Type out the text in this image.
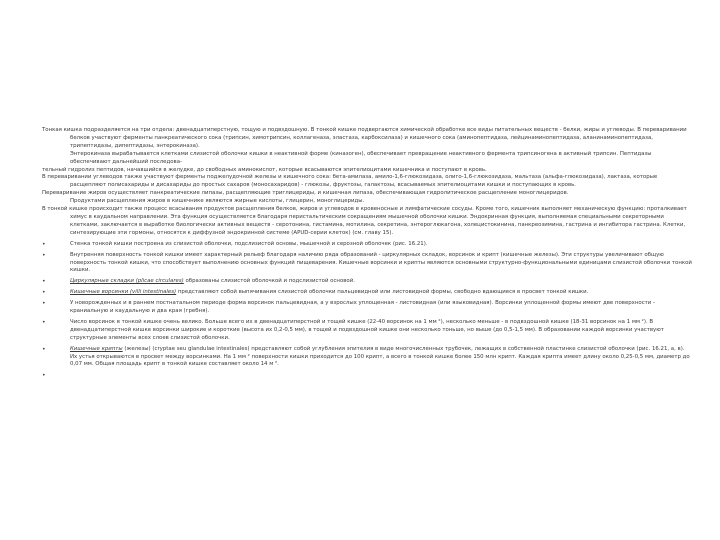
Тонкая кишка подразделяется на три отдела: двенадцатиперстную, тощую и подвздошную. В тонкой кишке подвергаются химической обработке все виды питательных веществ - белки, жиры и углеводы. В переваривании белков участвуют ферменты панкреатического сока (трипсин, химотрипсин, коллагеназа, эластаза, карбоксилаза) и кишечного сока (аминопептидаза, лейцинаминопептидаза, аланинаминопептидаза, трипептидазы, дипептидазы, энтерокиназа).

Энтерокиназа вырабатывается клетками слизистой оболочки кишки в неактивной форме (киназоген), обеспечивает превращение неактивного фермента трипсиногена в активный трипсин. Пептидазы обеспечивают дальнейший последова-

тельный гидролиз пептидов, начавшийся в желудке, до свободных аминокислот, которые всасываются эпителиоцитами кишечника и поступают в кровь.

В переваривании углеводов также участвуют ферменты поджелудочной железы и кишечного сока: бета-амилаза, амило-1,6-глюкозидаза, олиго-1,6-глюкозидаза, мальтаза (альфа-глюкозидаза), лактаза, которые расщепляют полисахариды и дисахариды до простых сахаров (моносахаридов) - глюкозы, фруктозы, галактозы, всасываемых эпителиоцитами кишки и поступающих в кровь.

Переваривание жиров осуществляет панкреатические липазы, расщепляющие триглицериды, и кишечная липаза, обеспечивающая гидролитическое расщепление моноглицеридов.

Продуктами расщепления жиров в кишечнике являются жирные кислоты, глицерин, моноглицериды.

В тонкой кишке происходит также процесс всасывания продуктов расщепления белков, жиров и углеводов в кровеносные и лимфатические сосуды. Кроме того, кишечник выполняет механическую функцию: проталкивает химус в каудальном направлении. Эта функция осуществляется благодаря перистальтическим сокращениям мышечной оболочки кишки. Эндокринная функция, выполняемая специальными секреторными клетками, заключается в выработке биологически активных веществ - серотонина, гистамина, мотилина, секретина, энтероглюкагона, холецистокинина, панкреозимина, гастрина и ингибитора гастрина. Клетки, синтезирующие эти гормоны, относятся к диффузной эндокринной системе (APUD-серии клеток) (см. главу 15).

•	Стенка тонкой кишки построена из слизистой оболочки, подслизистой основы, мышечной и серозной оболочек (рис. 16.21).
•	Внутренняя поверхность тонкой кишки имеет характерный рельеф благодаря наличию ряда образований - циркулярных складок, ворсинок и крипт (кишечные железы). Эти структуры увеличивают общую поверхность тонкой кишки, что способствует выполнению основных функций пищеварения. Кишечные ворсинки и крипты являются основными структурно-функциональными единицами слизистой оболочки тонкой кишки.
•	Циркулярные складки (plicae circulares) образованы слизистой оболочкой и подслизистой основой.
•	Кишечные ворсинки (villi intestinales) представляют собой выпячивания слизистой оболочки пальцевидной или листовидной формы, свободно вдающиеся в просвет тонкой кишки.
•	У новорожденных и в раннем постнатальном периоде форма ворсинок пальцевидная, а у взрослых уплощенная - листовидная (или языковидная). Ворсинки уплощенной формы имеют две поверхности - краниальную и каудальную и два края (гребня).
•	Число ворсинок в тонкой кишке очень велико. Больше всего их в двенадцатиперстной и тощей кишке (22-40 ворсинок на 1 мм ²), несколько меньше - в подвздошной кишке (18-31 ворсинок на 1 мм ²). В двенадцатиперстной кишке ворсинки широкие и короткие (высота их 0,2-0,5 мм), в тощей и подвздошной кишке они несколько тоньше, но выше (до 0,5-1,5 мм). В образовании каждой ворсинки участвуют структурные элементы всех слоев слизистой оболочки.
•	Кишечные крипты (железы) (cryptae seu glandulae intestinales) представляют собой углубления эпителия в виде многочисленных трубочек, лежащих в собственной пластинке слизистой оболочки (рис. 16.21, а, в). Их устья открываются в просвет между ворсинками. На 1 мм ² поверхности кишки приходится до 100 крипт, а всего в тонкой кишке более 150 млн крипт. Каждая крипта имеет длину около 0,25-0,5 мм, диаметр до 0,07 мм. Общая площадь крипт в тонкой кишке составляет около 14 м ².
•
